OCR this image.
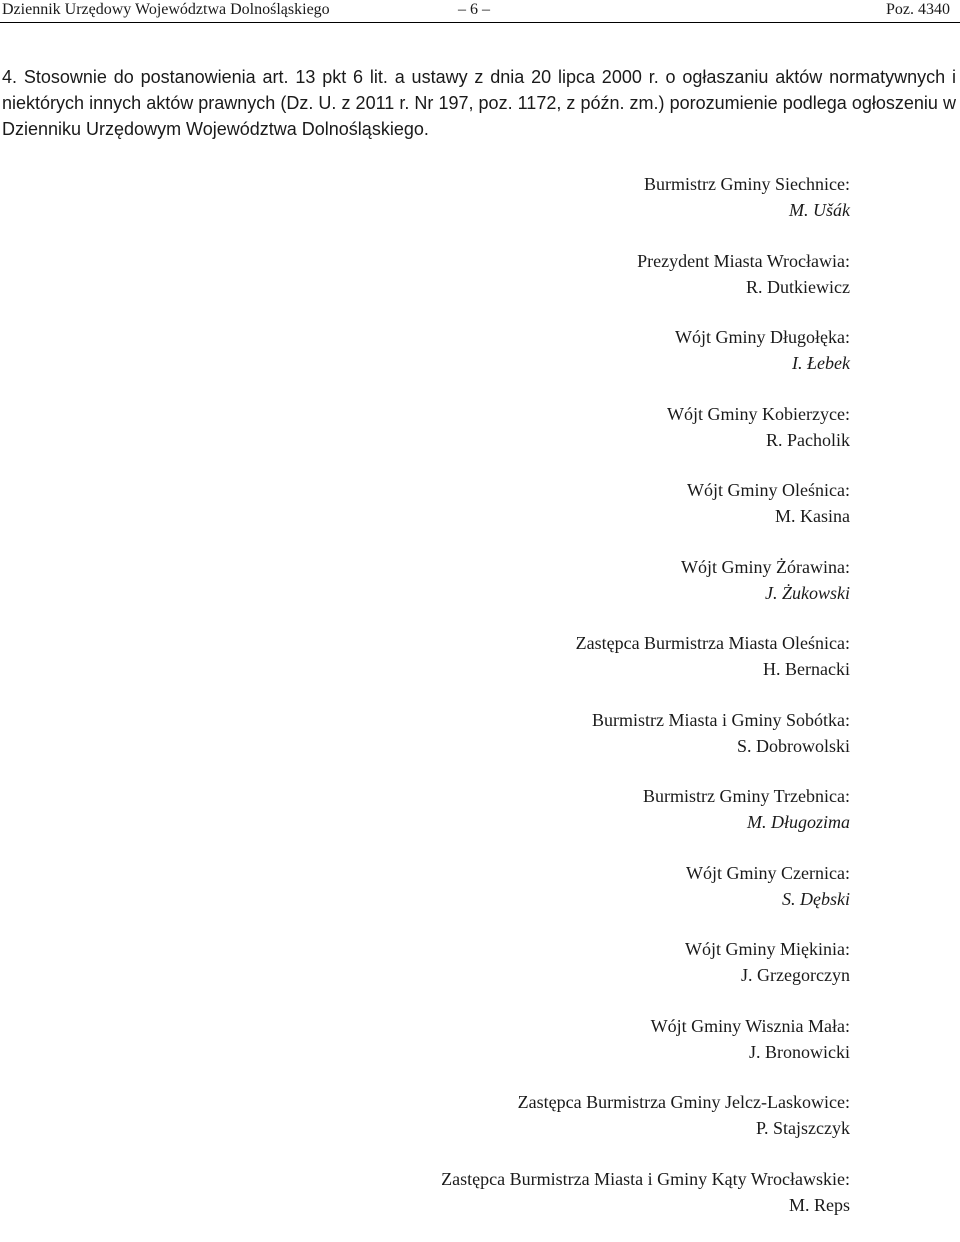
Dziennik Urzędowy Województwa Dolnośląskiego	– 6 –	Poz. 4340
4. Stosownie do postanowienia art. 13 pkt 6 lit. a ustawy z dnia 20 lipca 2000 r. o ogłaszaniu aktów normatywnych i niektórych innych aktów prawnych (Dz. U. z 2011 r. Nr 197, poz. 1172, z późn. zm.) porozumienie podlega ogłoszeniu w Dzienniku Urzędowym Województwa Dolnośląskiego.
Burmistrz Gminy Siechnice:
M. Ušák
Prezydent Miasta Wrocławia:
R. Dutkiewicz
Wójt Gminy Długołęka:
I. Łebek
Wójt Gminy Kobierzyce:
R. Pacholik
Wójt Gminy Oleśnica:
M. Kasina
Wójt Gminy Żórawina:
J. Żukowski
Zastępca Burmistrza Miasta Oleśnica:
H. Bernacki
Burmistrz Miasta i Gminy Sobótka:
S. Dobrowolski
Burmistrz Gminy Trzebnica:
M. Długozima
Wójt Gminy Czernica:
S. Dębski
Wójt Gminy Miękinia:
J. Grzegorczyn
Wójt Gminy Wisznia Mała:
J. Bronowicki
Zastępca Burmistrza Gminy Jelcz-Laskowice:
P. Stajszczyk
Zastępca Burmistrza Miasta i Gminy Kąty Wrocławskie:
M. Reps
